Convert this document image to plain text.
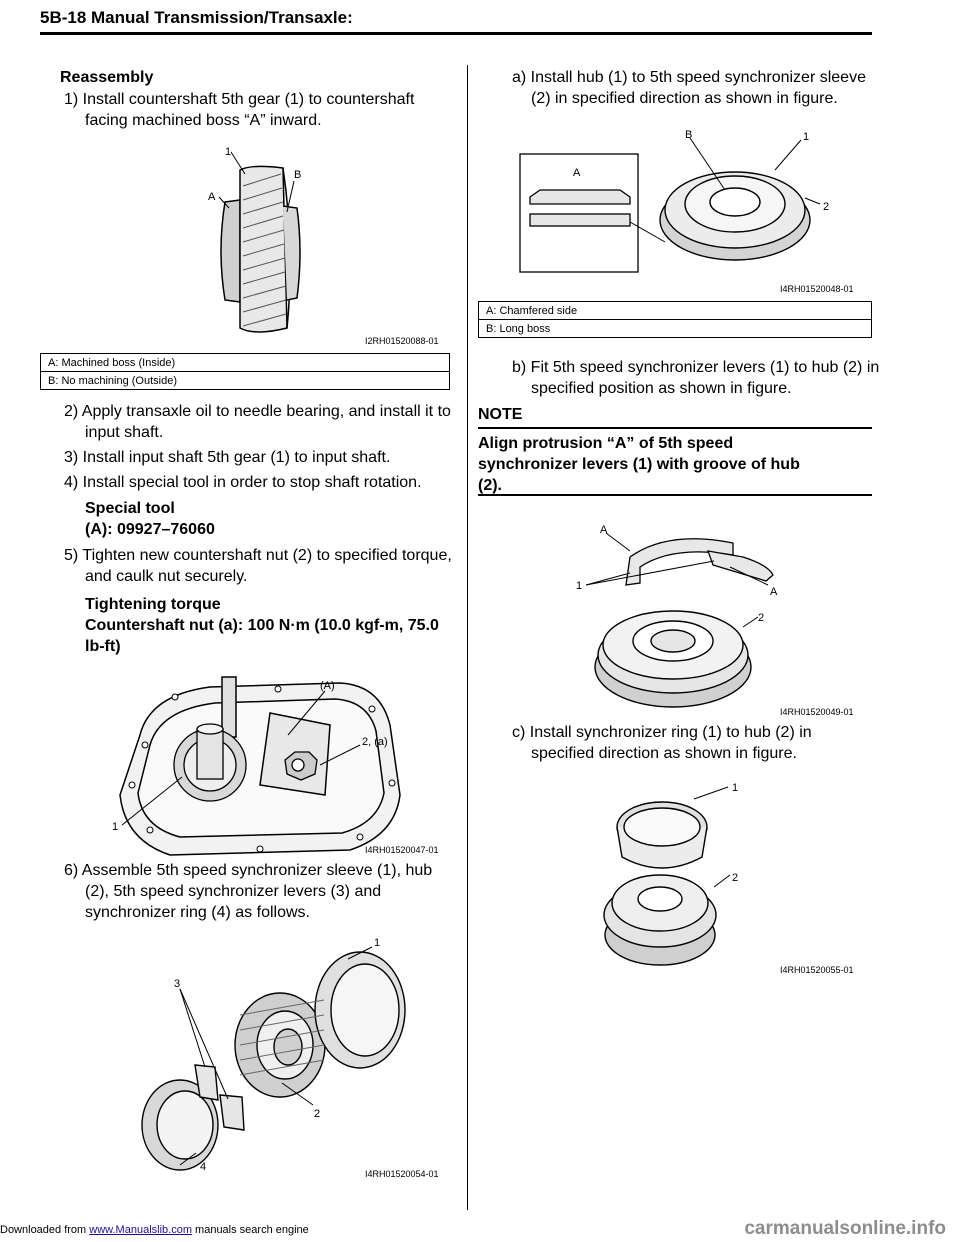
5B-18 Manual Transmission/Transaxle:
Reassembly
1) Install countershaft 5th gear (1) to countershaft
facing machined boss “A” inward.
1
A
B
I2RH01520088-01
A: Machined boss (Inside)
B: No machining (Outside)
2) Apply transaxle oil to needle bearing, and install it to
input shaft.
3) Install input shaft 5th gear (1) to input shaft.
4) Install special tool in order to stop shaft rotation.
Special tool
(A): 09927–76060
5) Tighten new countershaft nut (2) to specified torque,
and caulk nut securely.
Tightening torque
Countershaft nut (a): 100 N·m (10.0 kgf-m, 75.0
lb-ft)
(A)
2, (a)
1
I4RH01520047-01
6) Assemble 5th speed synchronizer sleeve (1), hub
(2), 5th speed synchronizer levers (3) and
synchronizer ring (4) as follows.
1
3
2
4
I4RH01520054-01
a) Install hub (1) to 5th speed synchronizer sleeve
(2) in specified direction as shown in figure.
B	1
A
2
I4RH01520048-01
A: Chamfered side
B: Long boss
b) Fit 5th speed synchronizer levers (1) to hub (2) in
specified position as shown in figure.
NOTE
Align protrusion “A” of 5th speed
synchronizer levers (1) with groove of hub
(2).
A
1	A
2
I4RH01520049-01
c) Install synchronizer ring (1) to hub (2) in
specified direction as shown in figure.
1
2
I4RH01520055-01
Downloaded from www.Manualslib.com manuals search engine	carmanualsonline.info
